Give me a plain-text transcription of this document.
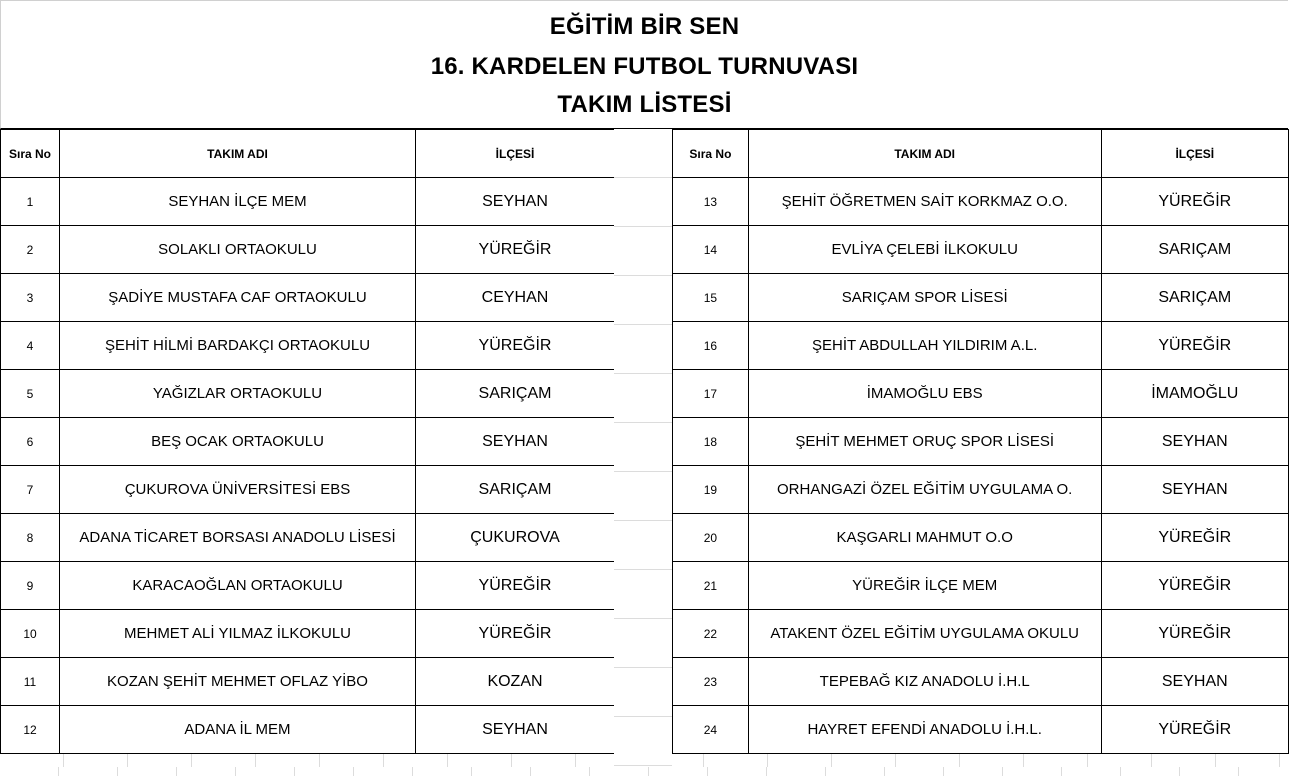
EĞİTİM BİR SEN
16. KARDELEN FUTBOL TURNUVASI
TAKIM LİSTESİ
Sıra No	TAKIM ADI	İLÇESİ
1	SEYHAN İLÇE MEM	SEYHAN
2	SOLAKLI ORTAOKULU	YÜREĞİR
3	ŞADİYE MUSTAFA CAF ORTAOKULU	CEYHAN
4	ŞEHİT HİLMİ BARDAKÇI ORTAOKULU	YÜREĞİR
5	YAĞIZLAR ORTAOKULU	SARIÇAM
6	BEŞ OCAK ORTAOKULU	SEYHAN
7	ÇUKUROVA ÜNİVERSİTESİ EBS	SARIÇAM
8	ADANA TİCARET BORSASI ANADOLU LİSESİ	ÇUKUROVA
9	KARACAOĞLAN ORTAOKULU	YÜREĞİR
10	MEHMET ALİ YILMAZ İLKOKULU	YÜREĞİR
11	KOZAN ŞEHİT MEHMET OFLAZ YİBO	KOZAN
12	ADANA İL MEM	SEYHAN
Sıra No	TAKIM ADI	İLÇESİ
13	ŞEHİT ÖĞRETMEN SAİT KORKMAZ O.O.	YÜREĞİR
14	EVLİYA ÇELEBİ İLKOKULU	SARIÇAM
15	SARIÇAM SPOR LİSESİ	SARIÇAM
16	ŞEHİT ABDULLAH YILDIRIM A.L.	YÜREĞİR
17	İMAMOĞLU EBS	İMAMOĞLU
18	ŞEHİT MEHMET ORUÇ SPOR LİSESİ	SEYHAN
19	ORHANGAZİ ÖZEL EĞİTİM UYGULAMA O.	SEYHAN
20	KAŞGARLI MAHMUT O.O	YÜREĞİR
21	YÜREĞİR İLÇE MEM	YÜREĞİR
22	ATAKENT ÖZEL EĞİTİM UYGULAMA OKULU	YÜREĞİR
23	TEPEBAĞ KIZ ANADOLU İ.H.L	SEYHAN
24	HAYRET EFENDİ ANADOLU İ.H.L.	YÜREĞİR
